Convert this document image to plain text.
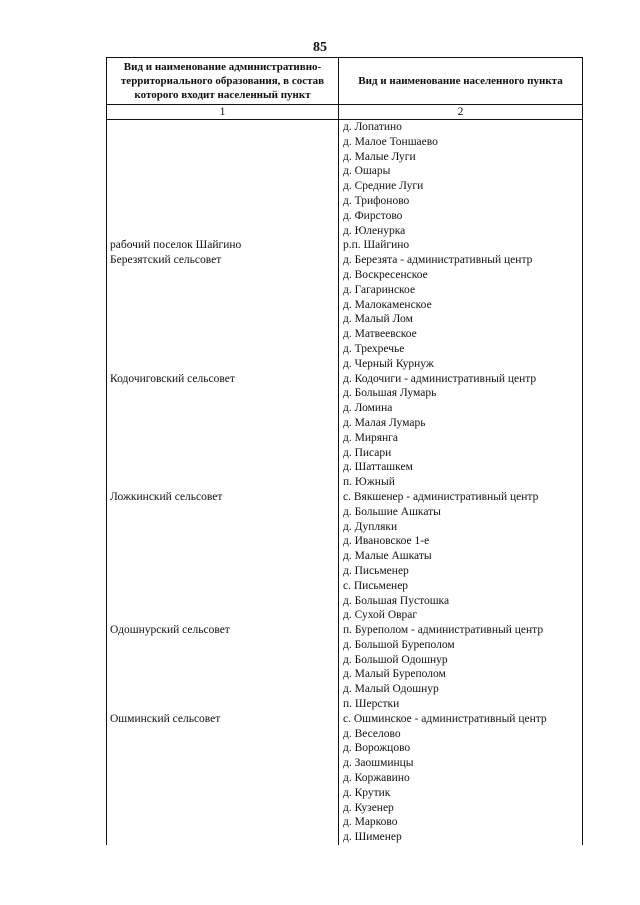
85
Вид и наименование административно-территориального образования, в состав которого входит населенный пункт	Вид и наименование населенного пункта
1	2
	д. Лопатино
	д. Малое Тоншаево
	д. Малые Луги
	д. Ошары
	д. Средние Луги
	д. Трифоново
	д. Фирстово
	д. Юленурка
рабочий поселок Шайгино	р.п. Шайгино
Березятский сельсовет	д. Березята - административный центр
	д. Воскресенское
	д. Гагаринское
	д. Малокаменское
	д. Малый Лом
	д. Матвеевское
	д. Трехречье
	д. Черный Курнуж
Кодочиговский сельсовет	д. Кодочиги - административный центр
	д. Большая Лумарь
	д. Ломина
	д. Малая Лумарь
	д. Мирянга
	д. Писари
	д. Шатташкем
	п. Южный
Ложкинский сельсовет	с. Вякшенер - административный центр
	д. Большие Ашкаты
	д. Дупляки
	д. Ивановское 1-е
	д. Малые Ашкаты
	д. Письменер
	с. Письменер
	д. Большая Пустошка
	д. Сухой Овраг
Одошнурский сельсовет	п. Буреполом - административный центр
	д. Большой Буреполом
	д. Большой Одошнур
	д. Малый Буреполом
	д. Малый Одошнур
	п. Шерстки
Ошминский сельсовет	с. Ошминское - административный центр
	д. Веселово
	д. Ворожцово
	д. Заошминцы
	д. Коржавино
	д. Крутик
	д. Кузенер
	д. Марково
	д. Шименер
